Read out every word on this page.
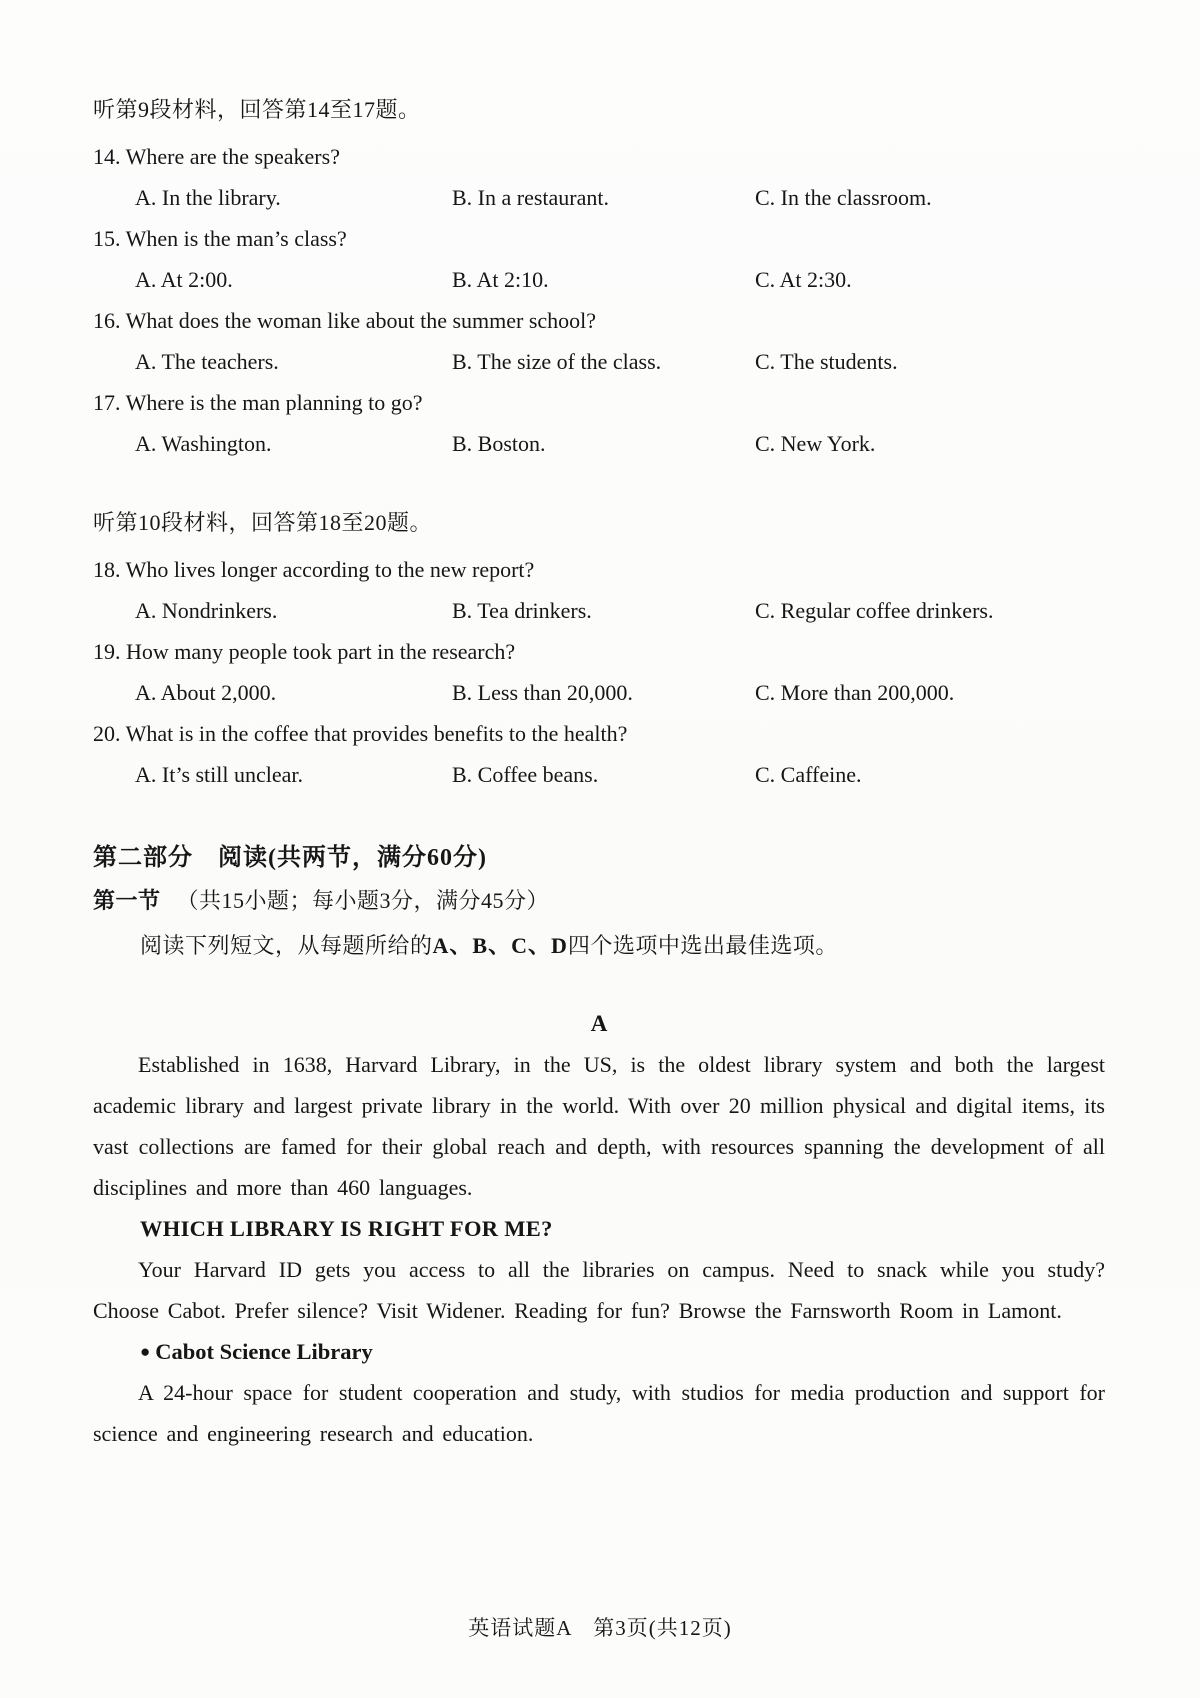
听第9段材料，回答第14至17题。
14. Where are the speakers?
A. In the library.	B. In a restaurant.	C. In the classroom.
15. When is the man’s class?
A. At 2:00.	B. At 2:10.	C. At 2:30.
16. What does the woman like about the summer school?
A. The teachers.	B. The size of the class.	C. The students.
17. Where is the man planning to go?
A. Washington.	B. Boston.	C. New York.
听第10段材料，回答第18至20题。
18. Who lives longer according to the new report?
A. Nondrinkers.	B. Tea drinkers.	C. Regular coffee drinkers.
19. How many people took part in the research?
A. About 2,000.	B. Less than 20,000.	C. More than 200,000.
20. What is in the coffee that provides benefits to the health?
A. It’s still unclear.	B. Coffee beans.	C. Caffeine.
第二部分　阅读(共两节，满分60分)
第一节 （共15小题；每小题3分，满分45分）
阅读下列短文，从每题所给的 A、B、C、D 四个选项中选出最佳选项。
A

Established in 1638, Harvard Library, in the US, is the oldest library system and both the largest academic library and largest private library in the world. With over 20 million physical and digital items, its vast collections are famed for their global reach and depth, with resources spanning the development of all disciplines and more than 460 languages.

WHICH LIBRARY IS RIGHT FOR ME?

Your Harvard ID gets you access to all the libraries on campus. Need to snack while you study? Choose Cabot. Prefer silence? Visit Widener. Reading for fun? Browse the Farnsworth Room in Lamont.

● Cabot Science Library

A 24-hour space for student cooperation and study, with studios for media production and support for science and engineering research and education.

英语试题A　第3页(共12页)
